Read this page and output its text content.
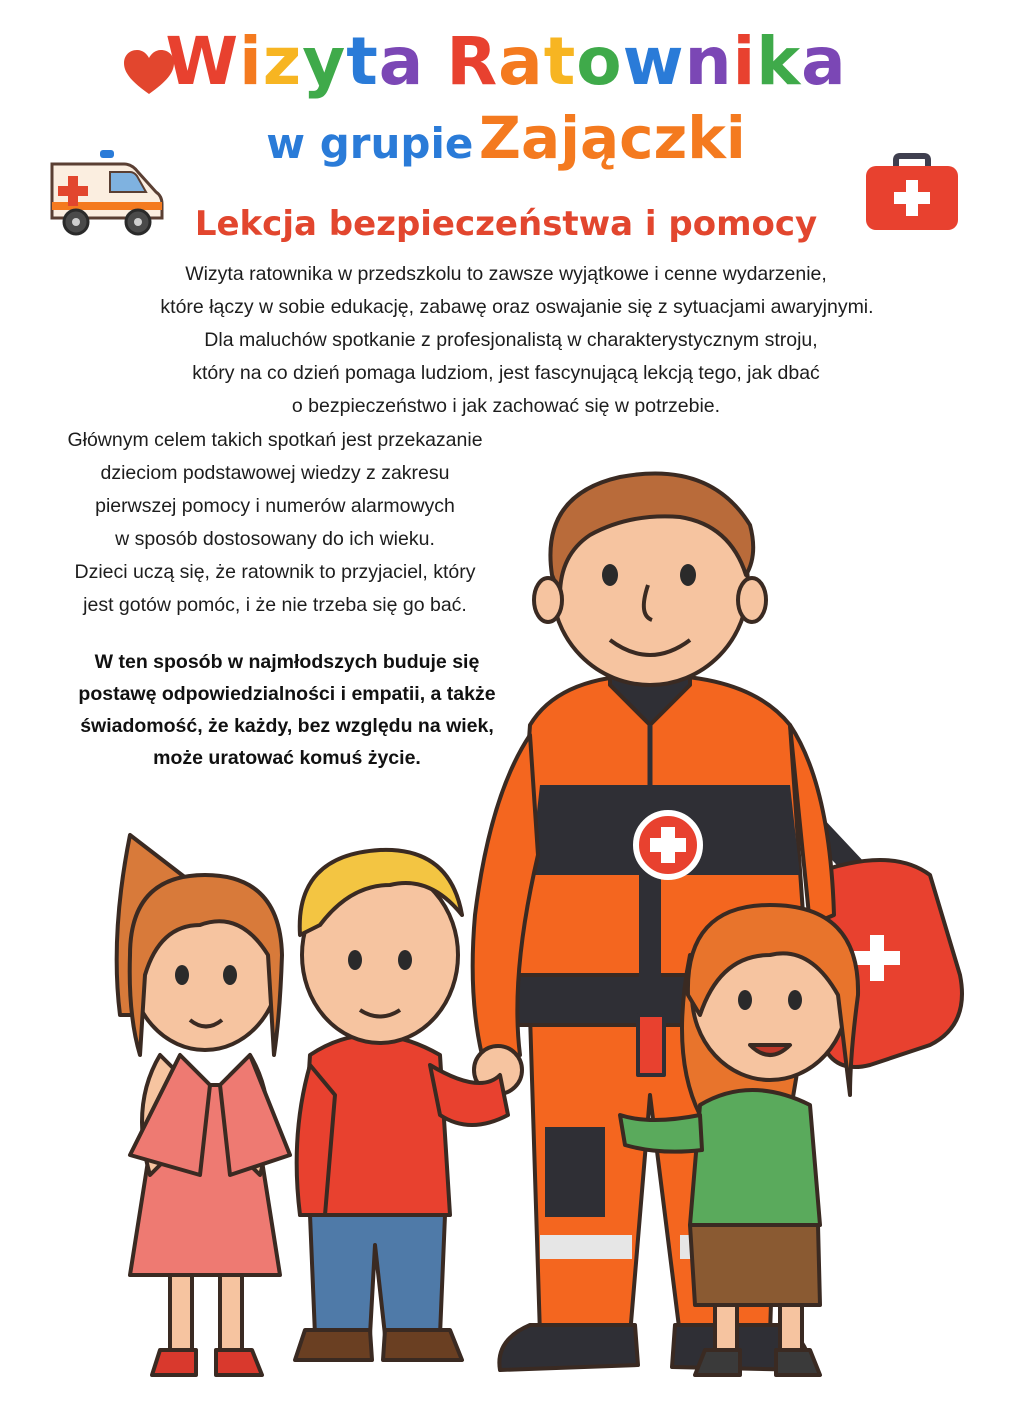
Wizyta Ratownika
w grupie Zajączki
Lekcja bezpieczeństwa i pomocy
Wizyta ratownika w przedszkolu to zawsze wyjątkowe i cenne wydarzenie,
które łączy w sobie edukację, zabawę oraz oswajanie się z sytuacjami awaryjnymi.
Dla maluchów spotkanie z profesjonalistą w charakterystycznym stroju,
który na co dzień pomaga ludziom, jest fascynującą lekcją tego, jak dbać
o bezpieczeństwo i jak zachować się w potrzebie.
Głównym celem takich spotkań jest przekazanie
dzieciom podstawowej wiedzy z zakresu
pierwszej pomocy i numerów alarmowych
w sposób dostosowany do ich wieku.
Dzieci uczą się, że ratownik to przyjaciel, który
jest gotów pomóc, i że nie trzeba się go bać.
W ten sposób w najmłodszych buduje się
postawę odpowiedzialności i empatii, a także
świadomość, że każdy, bez względu na wiek,
może uratować komuś życie.
